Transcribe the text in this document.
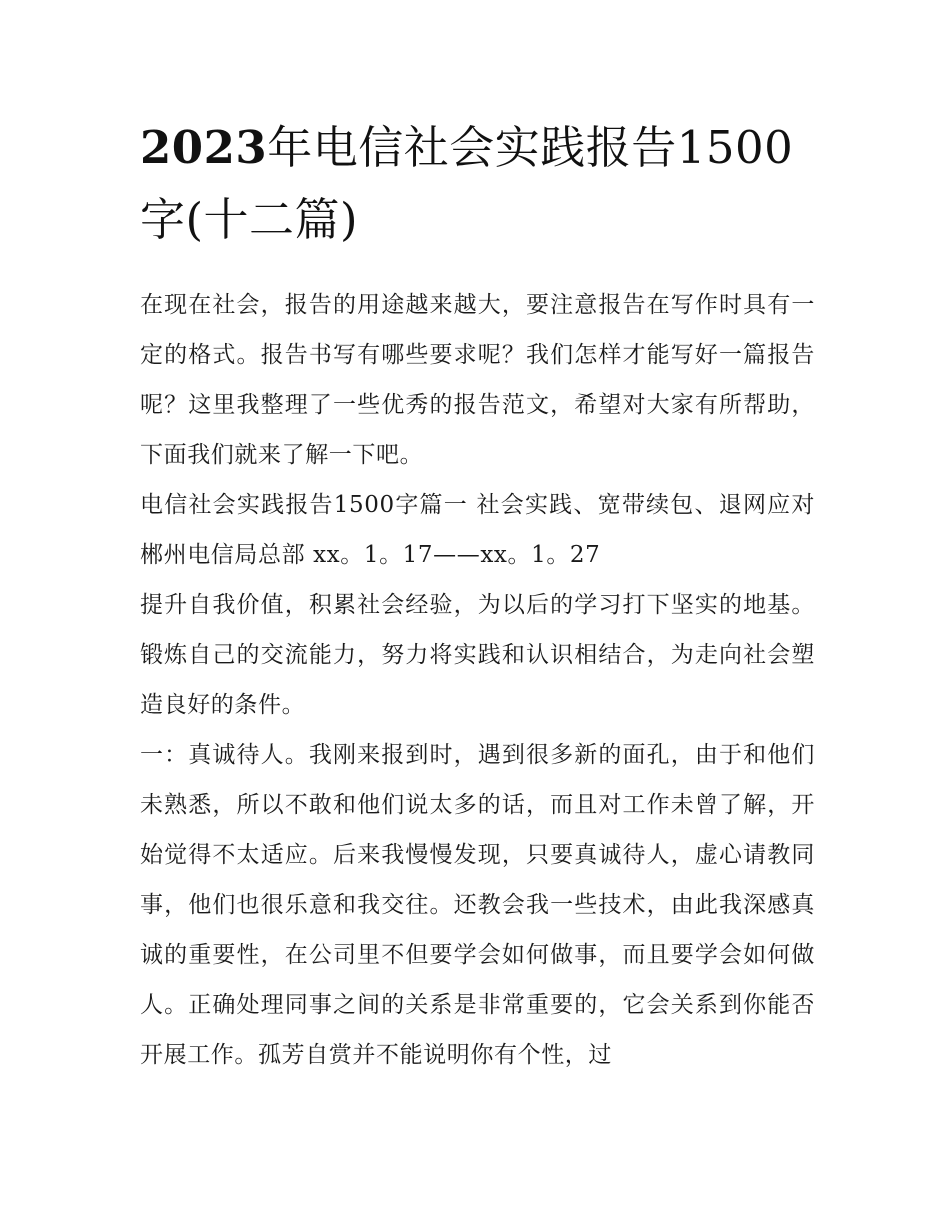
2023年电信社会实践报告1500字(十二篇)

在现在社会，报告的用途越来越大，要注意报告在写作时具有一定的格式。报告书写有哪些要求呢？我们怎样才能写好一篇报告呢？这里我整理了一些优秀的报告范文，希望对大家有所帮助，下面我们就来了解一下吧。

电信社会实践报告1500字篇一 社会实践、宽带续包、退网应对 郴州电信局总部 xx。1。17——xx。1。27

提升自我价值，积累社会经验，为以后的学习打下坚实的地基。锻炼自己的交流能力，努力将实践和认识相结合，为走向社会塑造良好的条件。

一：真诚待人。我刚来报到时，遇到很多新的面孔，由于和他们未熟悉，所以不敢和他们说太多的话，而且对工作未曾了解，开始觉得不太适应。后来我慢慢发现，只要真诚待人，虚心请教同事，他们也很乐意和我交往。还教会我一些技术，由此我深感真诚的重要性，在公司里不但要学会如何做事，而且要学会如何做人。正确处理同事之间的关系是非常重要的，它会关系到你能否开展工作。孤芳自赏并不能说明你有个性，过
